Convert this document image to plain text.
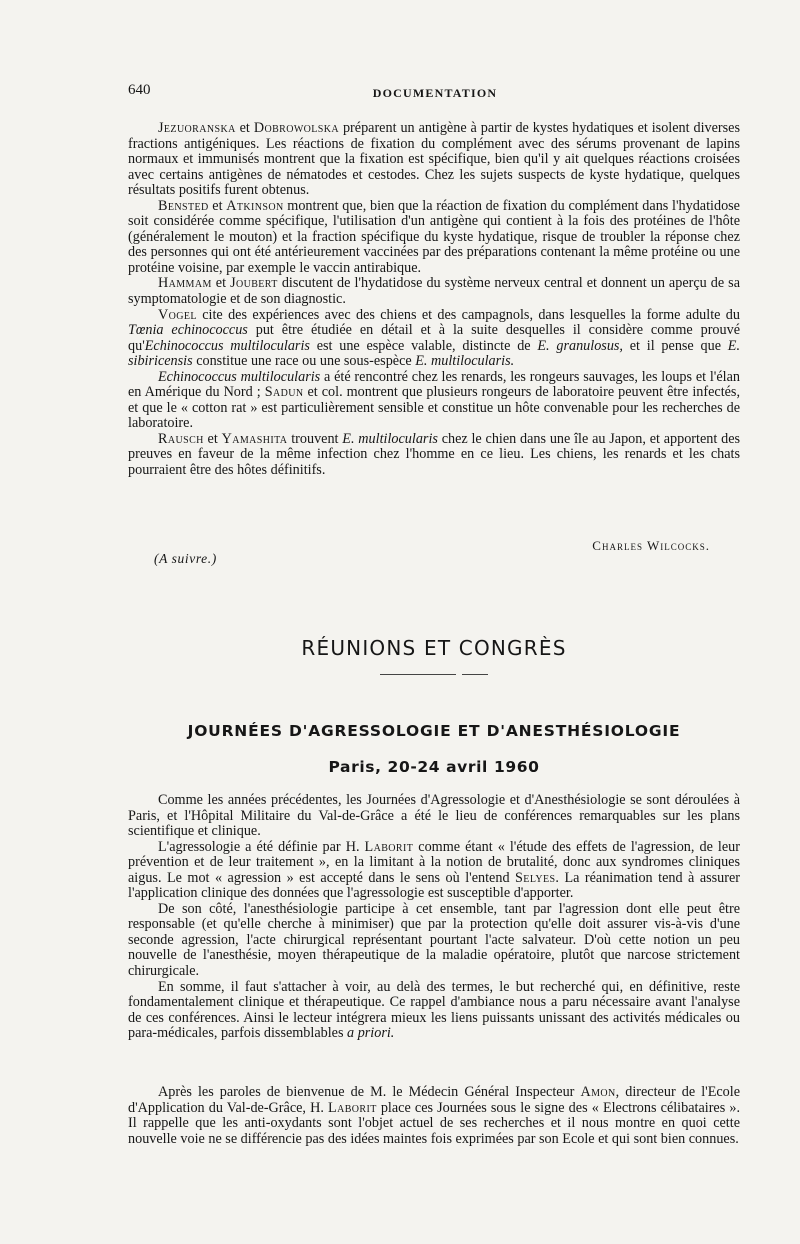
640	DOCUMENTATION

Jezuoranska et Dobrowolska préparent un antigène à partir de kystes hydatiques et isolent diverses fractions antigéniques. Les réactions de fixation du complément avec des sérums provenant de lapins normaux et immunisés montrent que la fixation est spécifique, bien qu'il y ait quelques réactions croisées avec certains antigènes de nématodes et cestodes. Chez les sujets suspects de kyste hydatique, quelques résultats positifs furent obtenus.

Bensted et Atkinson montrent que, bien que la réaction de fixation du complément dans l'hydatidose soit considérée comme spécifique, l'utilisation d'un antigène qui contient à la fois des protéines de l'hôte (généralement le mouton) et la fraction spécifique du kyste hydatique, risque de troubler la réponse chez des personnes qui ont été antérieurement vaccinées par des préparations contenant la même protéine ou une protéine voisine, par exemple le vaccin antirabique.

Hammam et Joubert discutent de l'hydatidose du système nerveux central et donnent un aperçu de sa symptomatologie et de son diagnostic.

Vogel cite des expériences avec des chiens et des campagnols, dans lesquelles la forme adulte du Tœnia echinococcus put être étudiée en détail et à la suite desquelles il considère comme prouvé qu'Echinococcus multilocularis est une espèce valable, distincte de E. granulosus, et il pense que E. sibiricensis constitue une race ou une sous-espèce E. multilocularis.

Echinococcus multilocularis a été rencontré chez les renards, les rongeurs sauvages, les loups et l'élan en Amérique du Nord ; Sadun et col. montrent que plusieurs rongeurs de laboratoire peuvent être infectés, et que le « cotton rat » est particulièrement sensible et constitue un hôte convenable pour les recherches de laboratoire.

Rausch et Yamashita trouvent E. multilocularis chez le chien dans une île au Japon, et apportent des preuves en faveur de la même infection chez l'homme en ce lieu. Les chiens, les renards et les chats pourraient être des hôtes définitifs.

Charles Wilcocks.
(A suivre.)
RÉUNIONS ET CONGRÈS
JOURNÉES D'AGRESSOLOGIE ET D'ANESTHÉSIOLOGIE
Paris, 20-24 avril 1960

Comme les années précédentes, les Journées d'Agressologie et d'Anesthésiologie se sont déroulées à Paris, et l'Hôpital Militaire du Val-de-Grâce a été le lieu de conférences remarquables sur les plans scientifique et clinique.

L'agressologie a été définie par H. Laborit comme étant « l'étude des effets de l'agression, de leur prévention et de leur traitement », en la limitant à la notion de brutalité, donc aux syndromes cliniques aigus. Le mot « agression » est accepté dans le sens où l'entend Selyes. La réanimation tend à assurer l'application clinique des données que l'agressologie est susceptible d'apporter.

De son côté, l'anesthésiologie participe à cet ensemble, tant par l'agression dont elle peut être responsable (et qu'elle cherche à minimiser) que par la protection qu'elle doit assurer vis-à-vis d'une seconde agression, l'acte chirurgical représentant pourtant l'acte salvateur. D'où cette notion un peu nouvelle de l'anesthésie, moyen thérapeutique de la maladie opératoire, plutôt que narcose strictement chirurgicale.

En somme, il faut s'attacher à voir, au delà des termes, le but recherché qui, en définitive, reste fondamentalement clinique et thérapeutique. Ce rappel d'ambiance nous a paru nécessaire avant l'analyse de ces conférences. Ainsi le lecteur intégrera mieux les liens puissants unissant des activités médicales ou para-médicales, parfois dissemblables a priori.

Après les paroles de bienvenue de M. le Médecin Général Inspecteur Amon, directeur de l'Ecole d'Application du Val-de-Grâce, H. Laborit place ces Journées sous le signe des « Electrons célibataires ». Il rappelle que les anti-oxydants sont l'objet actuel de ses recherches et il nous montre en quoi cette nouvelle voie ne se différencie pas des idées maintes fois exprimées par son Ecole et qui sont bien connues.
